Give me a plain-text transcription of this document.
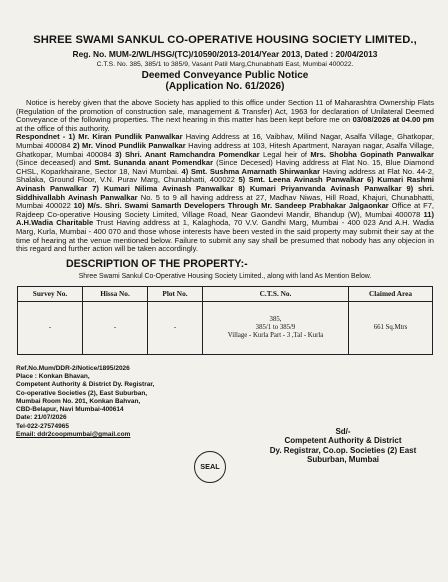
SHREE SWAMI SANKUL CO-OPERATIVE HOUSING SOCIETY LIMITED.,
Reg. No. MUM-2/WL/HSG/(TC)/10590/2013-2014/Year 2013, Dated : 20/04/2013
C.T.S. No. 385, 385/1 to 385/9, Vasant Patil Marg,Chunabhatti East, Mumbai 400022.
Deemed Conveyance Public Notice
(Application No. 61/2026)
Notice is hereby given that the above Society has applied to this office under Section 11 of Maharashtra Ownership Flats (Regulation of the promotion of construction sale, management & Transfer) Act, 1963 for declaration of Unilateral Deemed Conveyance of the following properties. The next hearing in this matter has been kept before me on 03/08/2026 at 04.00 pm at the office of this authority.
Respondnet - 1) Mr. Kiran Pundlik Panwalkar Having Address at 16, Vaibhav, Milind Nagar, Asalfa Village, Ghatkopar, Mumbai 400084 2) Mr. Vinod Pundlik Panwalkar Having address at 103, Hitesh Apartment, Narayan nagar, Asalfa Village, Ghatkopar, Mumbai 400084 3) Shri. Anant Ramchandra Pomendkar Legal heir of Mrs. Shobha Gopinath Panwalkar (Since deceased) and Smt. Sunanda anant Pomendkar (Since Decesed) Having address at Flat No. 15, Blue Diamond CHSL, Koparkhairane, Sector 18, Navi Mumbai. 4) Smt. Sushma Amarnath Shirwankar Having address at Flat No. 44-2, Shalaka, Ground Floor, V.N. Purav Marg, Chunabhatti, 400022 5) Smt. Leena Avinash Panwalkar 6) Kumari Rashmi Avinash Panwalkar 7) Kumari Nilima Avinash Panwalkar 8) Kumari Priyanvanda Avinash Panwalkar 9) shri. Siddhivallabh Avinash Panwalkar No. 5 to 9 all having address at 27, Madhav Niwas, Hill Road, Khajuri, Chunabhatti, Mumbai 400022 10) M/s. Shri. Swami Samarth Developers Through Mr. Sandeep Prabhakar Jalgaonkar Office at F7, Rajdeep Co-operative Housing Society Limited, Village Road, Near Gaondevi Mandir, Bhandup (W), Mumbai 400078 11) A.H.Wadia Charitable Trust Having address at 1, Kalaghoda, 70 V.V. Gandhi Marg, Mumbai - 400 023 And A.H. Wadia Marg, Kurla, Mumbai - 400 070 and those whose interests have been vested in the said property may submit their say at the time of hearing at the venue mentioned below. Failure to submit any say shall be presumed that nobody has any objecion in this regard and further action will be taken accordingly.
DESCRIPTION OF THE PROPERTY:-
Shree Swami Sankul Co-Operative Housing Society Limited., along with land As Mention Below.
Survey No.	Hissa No.	Plot No.	C.T.S. No.	Claimed Area
-	-	-	385,
385/1 to 385/9
Village - Kurla Part - 3 ,Tal - Kurla	661 Sq.Mtrs
Ref.No.Mum/DDR-2/Notice/1895/2026
Place : Konkan Bhavan,
Competent Authority & District Dy. Registrar,
Co-operative Societies (2), East Suburban,
Mumbai Room No. 201, Konkan Bahvan,
CBD-Belapur, Navi Mumbai-400614
Date: 21/07/2026
Tel-022-27574965
Email: ddr2coopmumbai@gmail.com
SEAL
Sd/-
Competent Authority & District
Dy. Registrar, Co.op. Societies (2) East
Suburban, Mumbai
